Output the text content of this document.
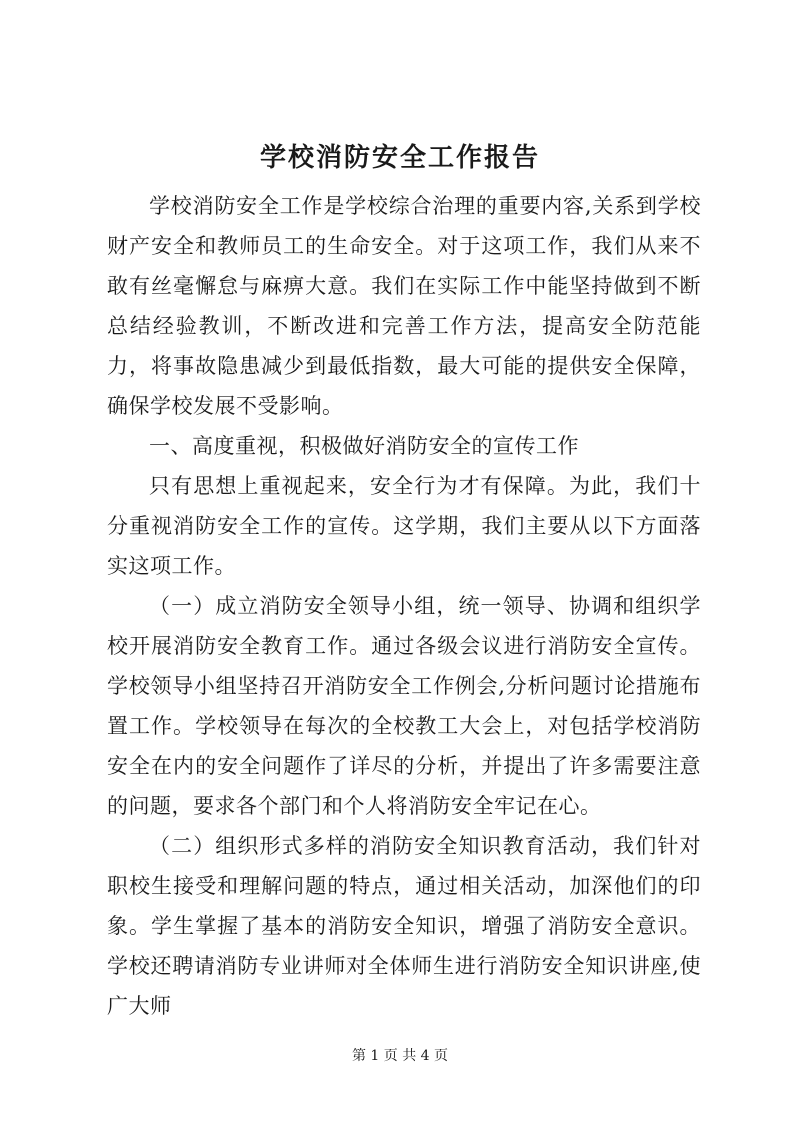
学校消防安全工作报告

学校消防安全工作是学校综合治理的重要内容,关系到学校财产安全和教师员工的生命安全。对于这项工作，我们从来不敢有丝毫懈怠与麻痹大意。我们在实际工作中能坚持做到不断总结经验教训，不断改进和完善工作方法，提高安全防范能力，将事故隐患减少到最低指数，最大可能的提供安全保障，确保学校发展不受影响。

一、高度重视，积极做好消防安全的宣传工作

只有思想上重视起来，安全行为才有保障。为此，我们十分重视消防安全工作的宣传。这学期，我们主要从以下方面落实这项工作。

（一）成立消防安全领导小组，统一领导、协调和组织学校开展消防安全教育工作。通过各级会议进行消防安全宣传。学校领导小组坚持召开消防安全工作例会,分析问题讨论措施布置工作。学校领导在每次的全校教工大会上，对包括学校消防安全在内的安全问题作了详尽的分析，并提出了许多需要注意的问题，要求各个部门和个人将消防安全牢记在心。

（二）组织形式多样的消防安全知识教育活动，我们针对职校生接受和理解问题的特点，通过相关活动，加深他们的印象。学生掌握了基本的消防安全知识，增强了消防安全意识。学校还聘请消防专业讲师对全体师生进行消防安全知识讲座,使广大师

第 1 页 共 4 页
